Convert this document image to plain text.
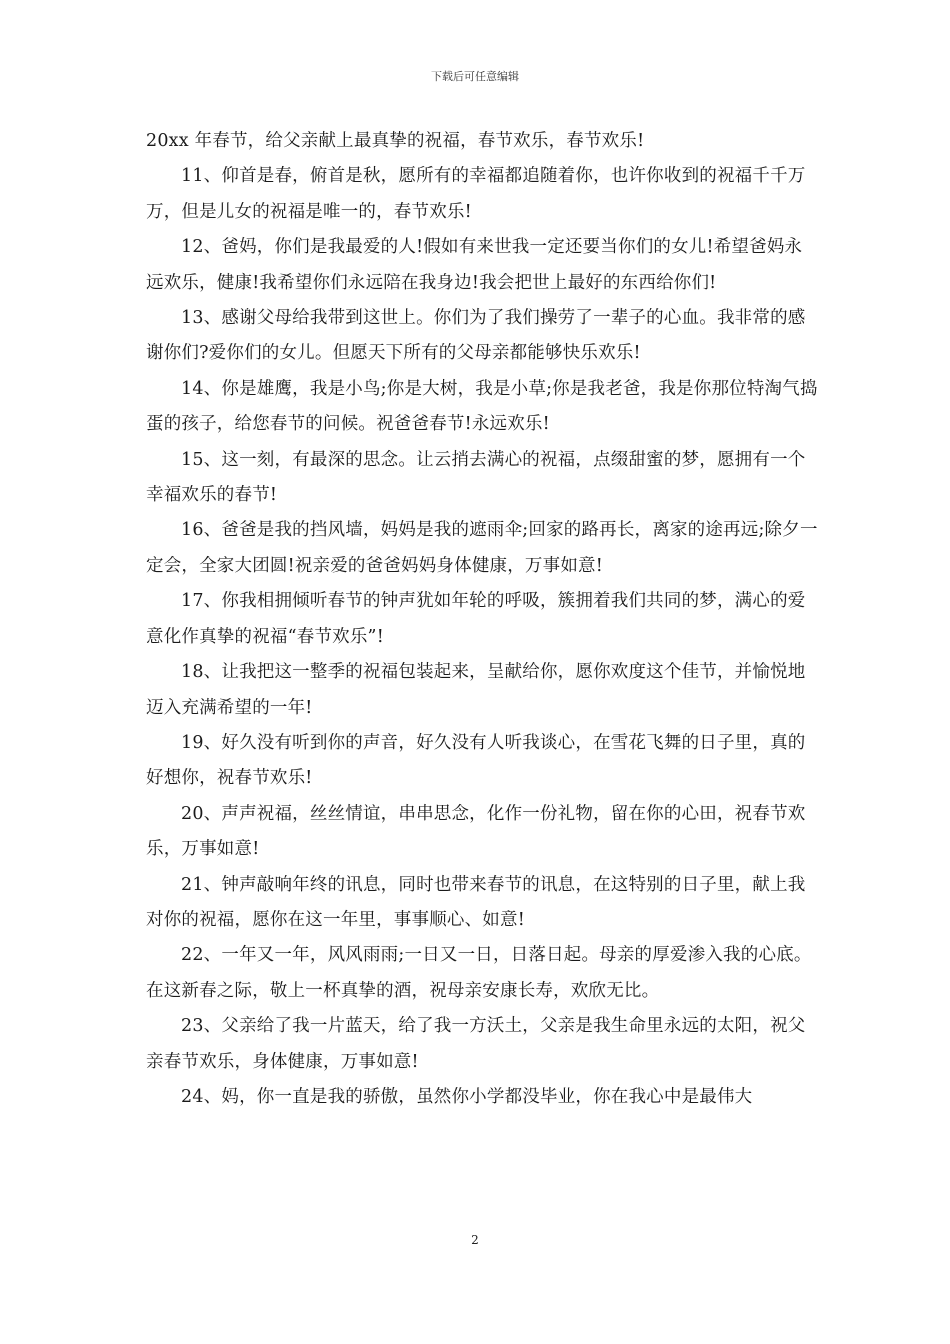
下载后可任意编辑

20xx 年春节，给父亲献上最真挚的祝福，春节欢乐，春节欢乐!

11、仰首是春，俯首是秋，愿所有的幸福都追随着你，也许你收到的祝福千千万万，但是儿女的祝福是唯一的，春节欢乐!

12、爸妈，你们是我最爱的人!假如有来世我一定还要当你们的女儿!希望爸妈永远欢乐，健康!我希望你们永远陪在我身边!我会把世上最好的东西给你们!

13、感谢父母给我带到这世上。你们为了我们操劳了一辈子的心血。我非常的感谢你们?爱你们的女儿。但愿天下所有的父母亲都能够快乐欢乐!

14、你是雄鹰，我是小鸟;你是大树，我是小草;你是我老爸，我是你那位特淘气捣蛋的孩子，给您春节的问候。祝爸爸春节!永远欢乐!

15、这一刻，有最深的思念。让云捎去满心的祝福，点缀甜蜜的梦，愿拥有一个幸福欢乐的春节!

16、爸爸是我的挡风墙，妈妈是我的遮雨伞;回家的路再长，离家的途再远;除夕一定会，全家大团圆!祝亲爱的爸爸妈妈身体健康，万事如意!

17、你我相拥倾听春节的钟声犹如年轮的呼吸，簇拥着我们共同的梦，满心的爱意化作真挚的祝福“春节欢乐”!

18、让我把这一整季的祝福包装起来，呈献给你，愿你欢度这个佳节，并愉悦地迈入充满希望的一年!

19、好久没有听到你的声音，好久没有人听我谈心，在雪花飞舞的日子里，真的好想你，祝春节欢乐!

20、声声祝福，丝丝情谊，串串思念，化作一份礼物，留在你的心田，祝春节欢乐，万事如意!

21、钟声敲响年终的讯息，同时也带来春节的讯息，在这特别的日子里，献上我对你的祝福，愿你在这一年里，事事顺心、如意!

22、一年又一年，风风雨雨;一日又一日，日落日起。母亲的厚爱渗入我的心底。在这新春之际，敬上一杯真挚的酒，祝母亲安康长寿，欢欣无比。

23、父亲给了我一片蓝天，给了我一方沃土，父亲是我生命里永远的太阳，祝父亲春节欢乐，身体健康，万事如意!

24、妈，你一直是我的骄傲，虽然你小学都没毕业，你在我心中是最伟大

2
